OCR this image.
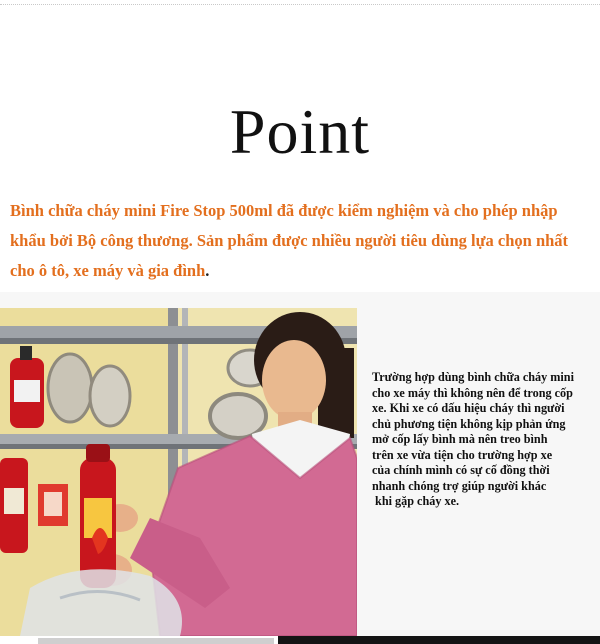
Point
Bình chữa cháy mini Fire Stop 500ml đã được kiểm nghiệm và cho phép nhập khẩu bởi Bộ công thương. Sản phẩm được nhiều người tiêu dùng lựa chọn nhất cho ô tô, xe máy và gia đình.
Trường hợp dùng bình chữa cháy mini
cho xe máy thì không nên để trong cốp
xe. Khi xe có dấu hiệu cháy thì người
chủ phương tiện không kịp phản ứng
mở cốp lấy bình mà nên treo bình
trên xe vừa tiện cho trường hợp xe
của chính mình có sự cố đồng thời
nhanh chóng trợ giúp người khác
khi gặp cháy xe.
